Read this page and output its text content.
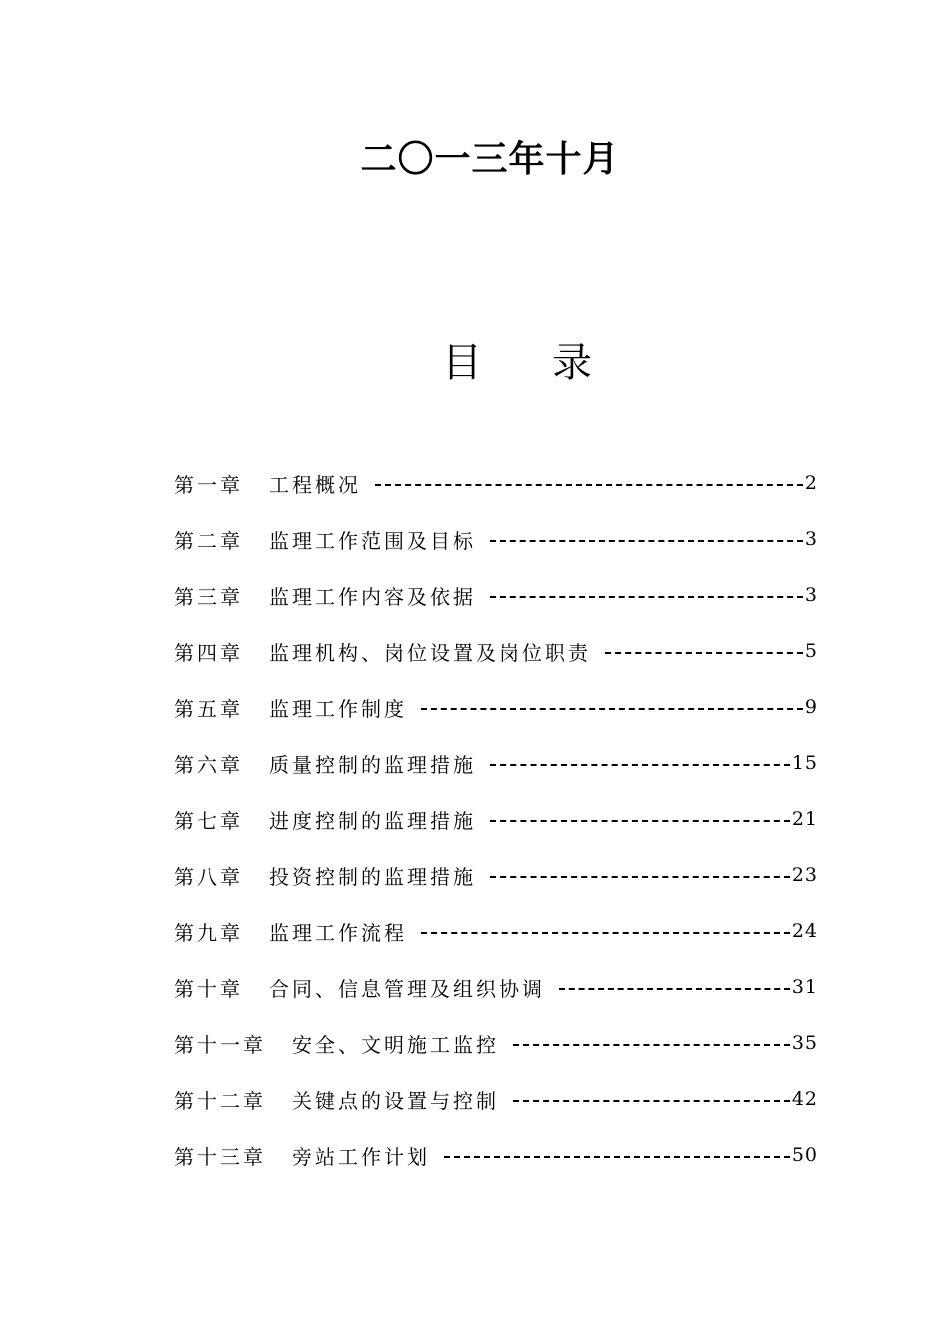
二〇一三年十月
目 录
第一章 工程概况	2
第二章 监理工作范围及目标	3
第三章 监理工作内容及依据	3
第四章 监理机构、岗位设置及岗位职责	5
第五章 监理工作制度	9
第六章 质量控制的监理措施	15
第七章 进度控制的监理措施	21
第八章 投资控制的监理措施	23
第九章 监理工作流程	24
第十章 合同、信息管理及组织协调	31
第十一章 安全、文明施工监控	35
第十二章 关键点的设置与控制	42
第十三章 旁站工作计划	50
